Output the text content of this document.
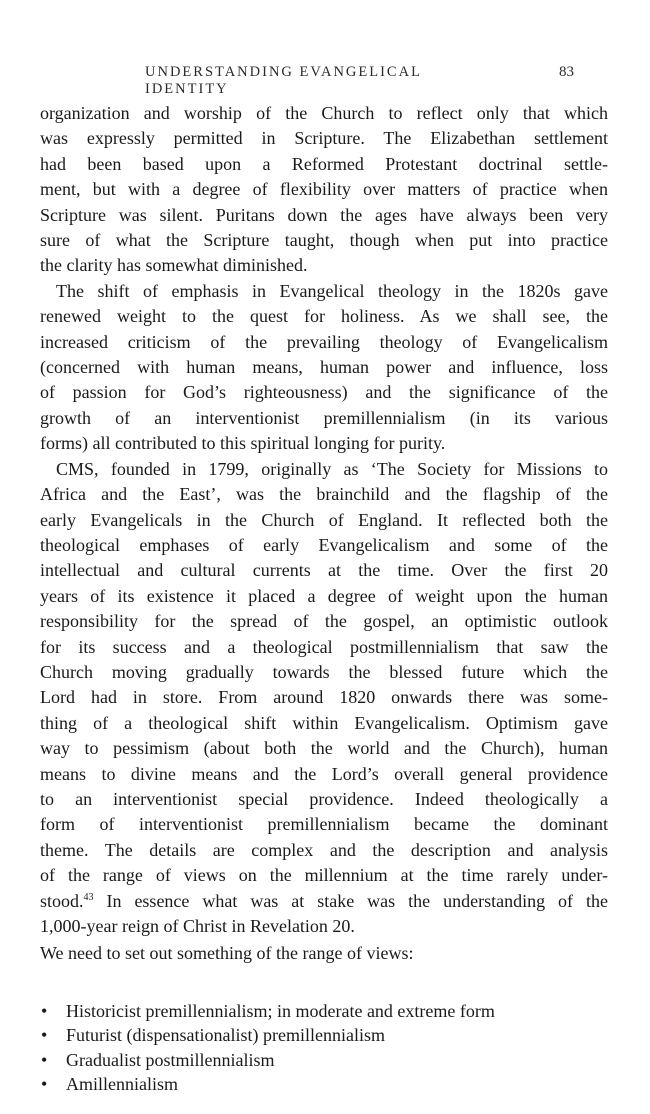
UNDERSTANDING EVANGELICAL IDENTITY
83
organization and worship of the Church to reflect only that which
was expressly permitted in Scripture. The Elizabethan settlement
had been based upon a Reformed Protestant doctrinal settle-
ment, but with a degree of flexibility over matters of practice when
Scripture was silent. Puritans down the ages have always been very
sure of what the Scripture taught, though when put into practice
the clarity has somewhat diminished.
The shift of emphasis in Evangelical theology in the 1820s gave
renewed weight to the quest for holiness. As we shall see, the
increased criticism of the prevailing theology of Evangelicalism
(concerned with human means, human power and influence, loss
of passion for God’s righteousness) and the significance of the
growth of an interventionist premillennialism (in its various
forms) all contributed to this spiritual longing for purity.
CMS, founded in 1799, originally as ‘The Society for Missions to
Africa and the East’, was the brainchild and the flagship of the
early Evangelicals in the Church of England. It reflected both the
theological emphases of early Evangelicalism and some of the
intellectual and cultural currents at the time. Over the first 20
years of its existence it placed a degree of weight upon the human
responsibility for the spread of the gospel, an optimistic outlook
for its success and a theological postmillennialism that saw the
Church moving gradually towards the blessed future which the
Lord had in store. From around 1820 onwards there was some-
thing of a theological shift within Evangelicalism. Optimism gave
way to pessimism (about both the world and the Church), human
means to divine means and the Lord’s overall general providence
to an interventionist special providence. Indeed theologically a
form of interventionist premillennialism became the dominant
theme. The details are complex and the description and analysis
of the range of views on the millennium at the time rarely under-
stood.$^{43}$ In essence what was at stake was the understanding of the
1,000-year reign of Christ in Revelation 20.
We need to set out something of the range of views:
• Historicist premillennialism; in moderate and extreme form
• Futurist (dispensationalist) premillennialism
• Gradualist postmillennialism
• Amillennialism
